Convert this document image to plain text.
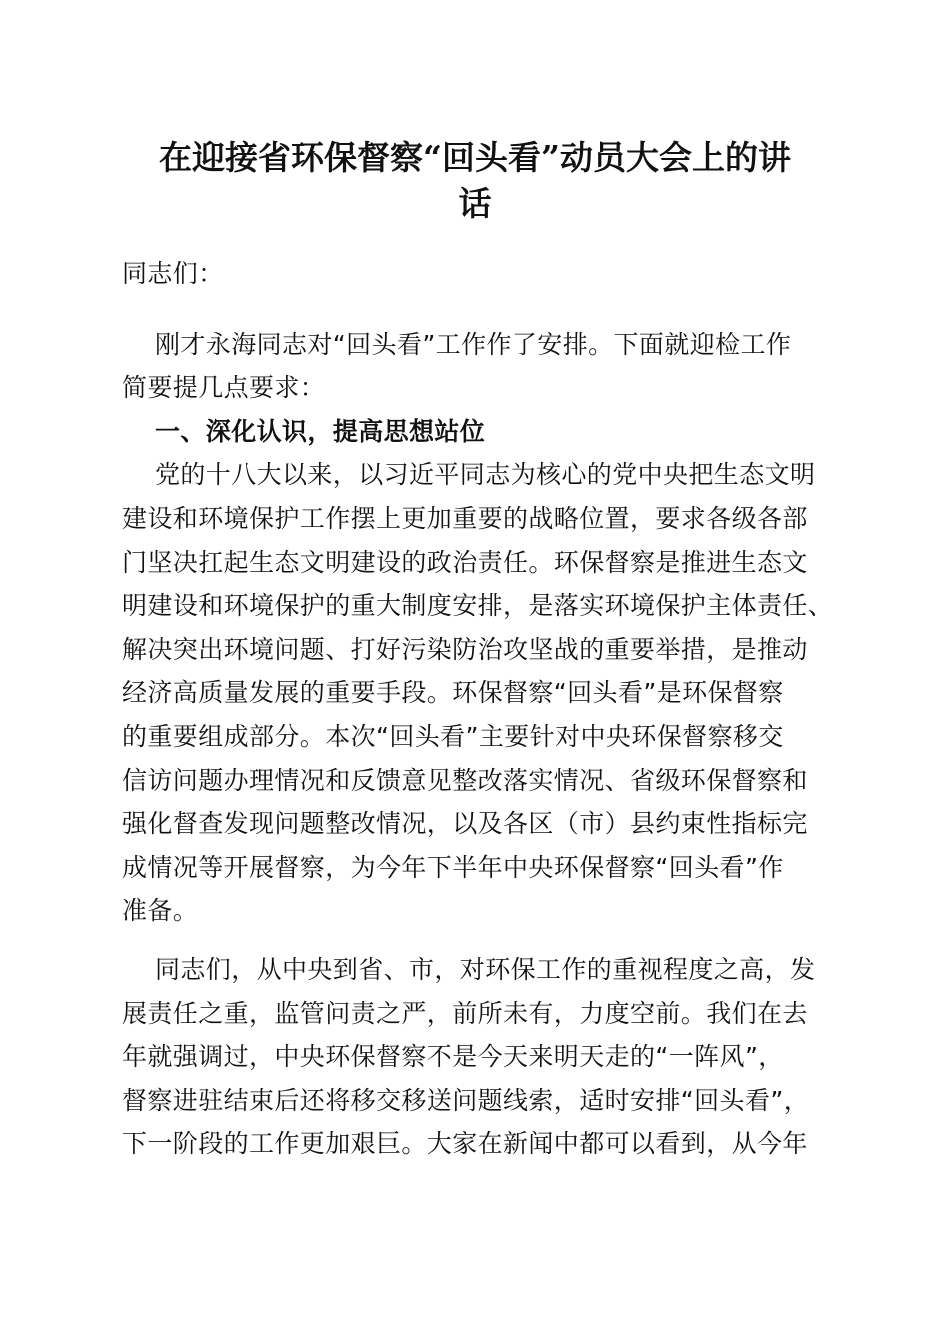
在迎接省环保督察“回头看”动员大会上的讲
话
同志们：
刚才永海同志对“回头看”工作作了安排。下面就迎检工作
简要提几点要求：
一、深化认识，提高思想站位
党的十八大以来，以习近平同志为核心的党中央把生态文明
建设和环境保护工作摆上更加重要的战略位置，要求各级各部
门坚决扛起生态文明建设的政治责任。环保督察是推进生态文
明建设和环境保护的重大制度安排，是落实环境保护主体责任、
解决突出环境问题、打好污染防治攻坚战的重要举措，是推动
经济高质量发展的重要手段。环保督察“回头看”是环保督察
的重要组成部分。本次“回头看”主要针对中央环保督察移交
信访问题办理情况和反馈意见整改落实情况、省级环保督察和
强化督查发现问题整改情况，以及各区（市）县约束性指标完
成情况等开展督察，为今年下半年中央环保督察“回头看”作
准备。
同志们，从中央到省、市，对环保工作的重视程度之高，发
展责任之重，监管问责之严，前所未有，力度空前。我们在去
年就强调过，中央环保督察不是今天来明天走的“一阵风”，
督察进驻结束后还将移交移送问题线索，适时安排“回头看”，
下一阶段的工作更加艰巨。大家在新闻中都可以看到，从今年
